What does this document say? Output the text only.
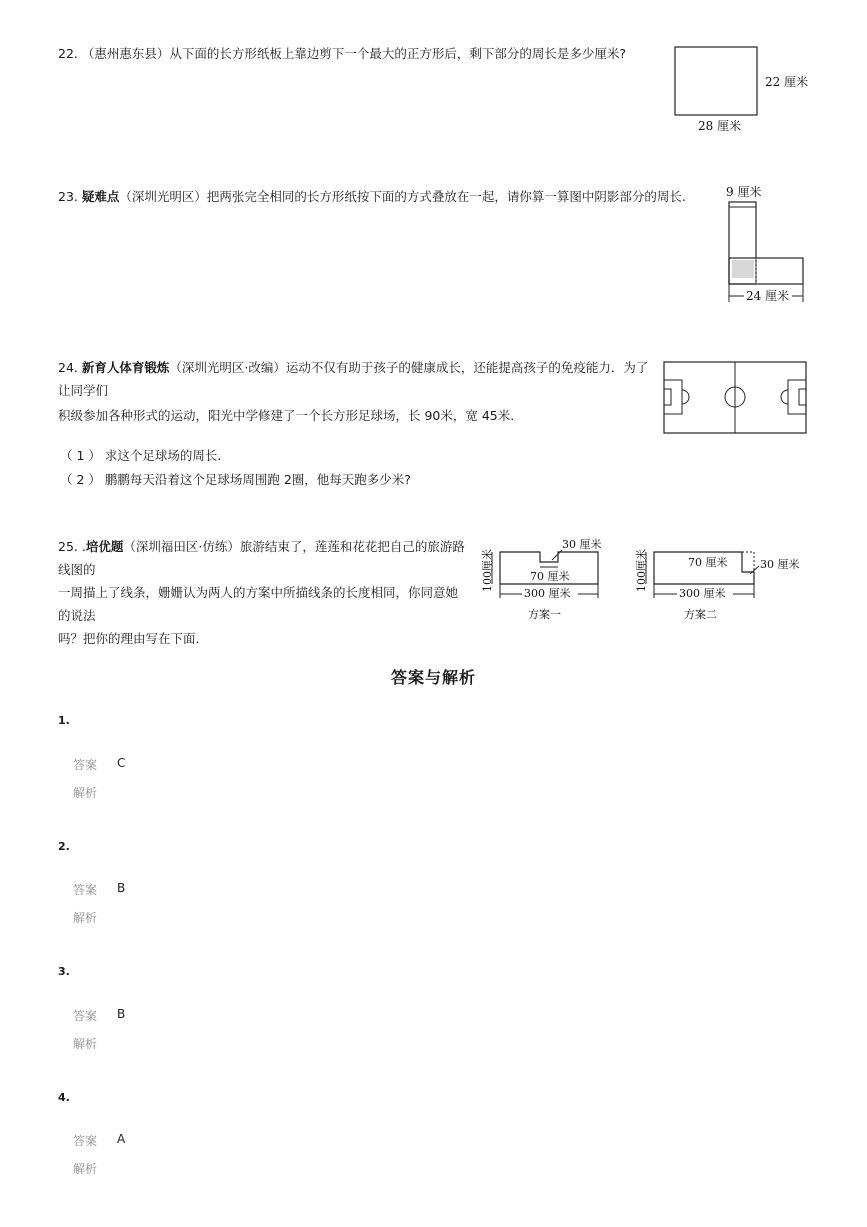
22. （惠州惠东县）从下面的长方形纸板上靠边剪下一个最大的正方形后，剩下部分的周长是多少厘米?
22 厘米
28 厘米
23. 疑难点（深圳光明区）把两张完全相同的长方形纸按下面的方式叠放在一起，请你算一算图中阴影部分的周长.	9 厘米
24 厘米
24. 新育人体育锻炼（深圳光明区·改编）运动不仅有助于孩子的健康成长，还能提高孩子的免疫能力．为了让同学们
积级参加各种形式的运动，阳光中学修建了一个长方形足球场，长 90米，宽 45米.
（ 1 ） 求这个足球场的周长.
（ 2 ） 鹏鹏每天沿着这个足球场周围跑 2圈，他每天跑多少米?
25. .培优题（深圳福田区·仿练）旅游结束了，莲莲和花花把自己的旅游路线图的
一周描上了线条，姗姗认为两人的方案中所描线条的长度相同，你同意她的说法
吗？把你的理由写在下面.
100厘米
30 厘米
70 厘米
300 厘米
方案一
100厘米	70 厘米	30 厘米
300 厘米
方案二
答案与解析
1.
答案 C
解析
2.
答案 B
解析
3.
答案 B
解析
4.
答案 A
解析
